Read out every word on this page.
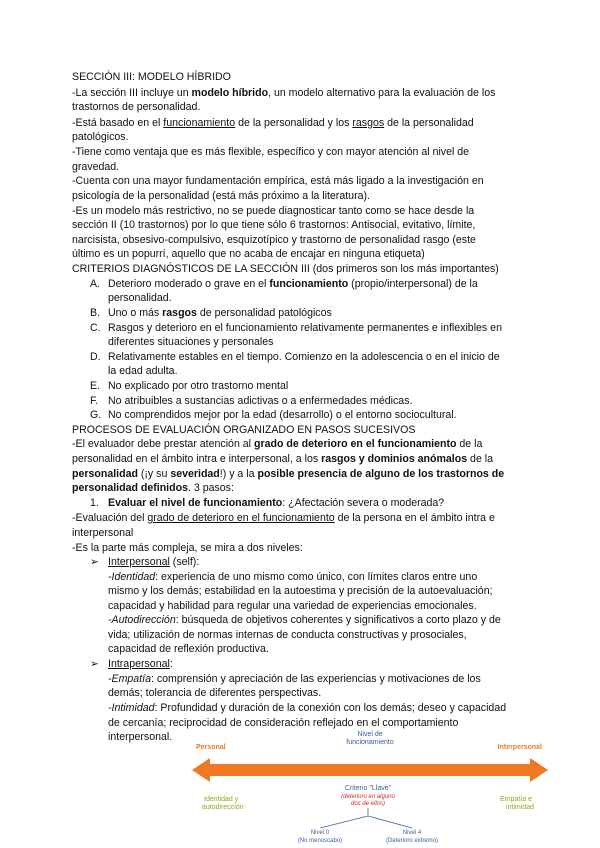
SECCIÓN III: MODELO HÍBRIDO
-La sección III incluye un modelo híbrido, un modelo alternativo para la evaluación de los
trastornos de personalidad.
-Está basado en el funcionamiento de la personalidad y los rasgos de la personalidad
patológicos.
-Tiene como ventaja que es más flexible, específico y con mayor atención al nivel de
gravedad.
-Cuenta con una mayor fundamentación empírica, está más ligado a la investigación en
psicología de la personalidad (está más próximo a la literatura).
-Es un modelo más restrictivo, no se puede diagnosticar tanto como se hace desde la
sección II (10 trastornos) por lo que tiene sólo 6 trastornos: Antisocial, evitativo, límite,
narcisista, obsesivo-compulsivo, esquizotípico y trastorno de personalidad rasgo (este
último es un popurrí, aquello que no acaba de encajar en ninguna etiqueta)
CRITERIOS DIAGNÓSTICOS DE LA SECCIÓN III (dos primeros son los más importantes)
A. Deterioro moderado o grave en el funcionamiento (propio/interpersonal) de la
personalidad.
B. Uno o más rasgos de personalidad patológicos
C. Rasgos y deterioro en el funcionamiento relativamente permanentes e inflexibles en
diferentes situaciones y personales
D. Relativamente estables en el tiempo. Comienzo en la adolescencia o en el inicio de
la edad adulta.
E. No explicado por otro trastorno mental
F. No atribuibles a sustancias adictivas o a enfermedades médicas.
G. No comprendidos mejor por la edad (desarrollo) o el entorno sociocultural.
PROCESOS DE EVALUACIÓN ORGANIZADO EN PASOS SUCESIVOS
-El evaluador debe prestar atención al grado de deterioro en el funcionamiento de la
personalidad en el ámbito intra e interpersonal, a los rasgos y dominios anómalos de la
personalidad (¡y su severidad!) y a la posible presencia de alguno de los trastornos de
personalidad definidos. 3 pasos:
1. Evaluar el nivel de funcionamiento: ¿Afectación severa o moderada?
-Evaluación del grado de deterioro en el funcionamiento de la persona en el ámbito intra e
interpersonal
-Es la parte más compleja, se mira a dos niveles:
➢ Interpersonal (self):
-Identidad: experiencia de uno mismo como único, con límites claros entre uno
mismo y los demás; estabilidad en la autoestima y precisión de la autoevaluación;
capacidad y habilidad para regular una variedad de experiencias emocionales.
-Autodirección: búsqueda de objetivos coherentes y significativos a corto plazo y de
vida; utilización de normas internas de conducta constructivas y prosociales,
capacidad de reflexión productiva.
➢ Intrapersonal:
-Empatía: comprensión y apreciación de las experiencias y motivaciones de los
demás; tolerancia de diferentes perspectivas.
-Intimidad: Profundidad y duración de la conexión con los demás; deseo y capacidad
de cercanía; reciprocidad de consideración reflejado en el comportamiento
interpersonal.	Nivel de
funcionamiento
Personal	Interpersonal
Identidad y
autodirección
Empatía e
intimidad
Criterio "Llave"
(deterioro en alguno
dos de ellos)
Nivel 0
(No menoscabo)
Nivel 4
(Deterioro extremo)
